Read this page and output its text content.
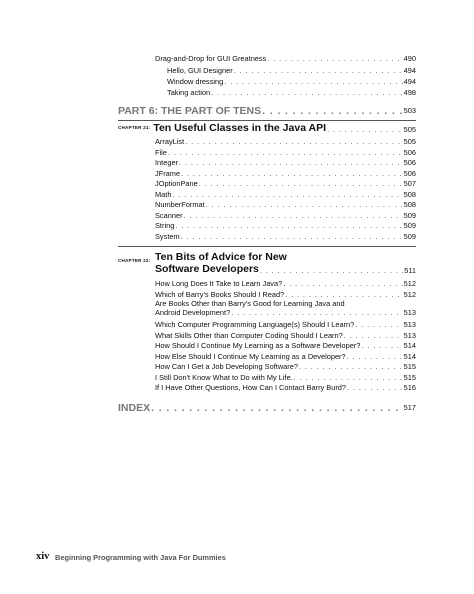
Drag-and-Drop for GUI Greatness . . .	490
Hello, GUI Designer . . .	494
Window dressing . . .	494
Taking action . . .	498
PART 6: THE PART OF TENS . . .	503
CHAPTER 21: Ten Useful Classes in the Java API . . .	505
ArrayList . . .	505
File . . .	506
Integer . . .	506
JFrame . . .	506
JOptionPane . . .	507
Math . . .	508
NumberFormat . . .	508
Scanner . . .	509
String . . .	509
System . . .	509
CHAPTER 22: Ten Bits of Advice for New
Software Developers . . .	511
How Long Does It Take to Learn Java? . . .	512
Which of Barry's Books Should I Read? . . .	512
Are Books Other than Barry's Good for Learning Java and
Android Development? . . .	513
Which Computer Programming Language(s) Should I Learn? . . .	513
What Skills Other than Computer Coding Should I Learn? . . .	513
How Should I Continue My Learning as a Software Developer? . . .	514
How Else Should I Continue My Learning as a Developer? . . .	514
How Can I Get a Job Developing Software? . . .	515
I Still Don't Know What to Do with My Life. . . .	515
If I Have Other Questions, How Can I Contact Barry Burd? . . .	516
INDEX . . .	517
xiv Beginning Programming with Java For Dummies
